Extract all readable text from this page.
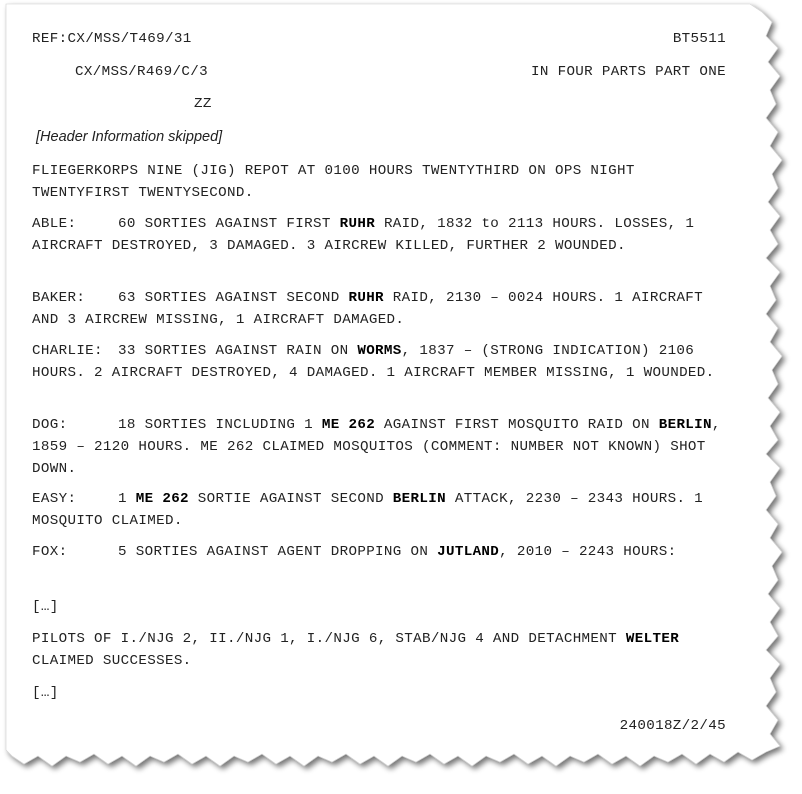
REF:CX/MSS/T469/31	BT5511
CX/MSS/R469/C/3	IN FOUR PARTS PART ONE
ZZ
[Header Information skipped]
FLIEGERKORPS NINE (JIG) REPOT AT 0100 HOURS TWENTYTHIRD ON OPS NIGHT TWENTYFIRST TWENTYSECOND.
ABLE:	60 SORTIES AGAINST FIRST RUHR RAID, 1832 to 2113 HOURS. LOSSES, 1 AIRCRAFT DESTROYED, 3 DAMAGED. 3 AIRCREW KILLED, FURTHER 2 WOUNDED.
BAKER: 63 SORTIES AGAINST SECOND RUHR RAID, 2130 – 0024 HOURS. 1 AIRCRAFT AND 3 AIRCREW MISSING, 1 AIRCRAFT DAMAGED.
CHARLIE: 33 SORTIES AGAINST RAIN ON WORMS, 1837 – (STRONG INDICATION) 2106 HOURS. 2 AIRCRAFT DESTROYED, 4 DAMAGED. 1 AIRCRAFT MEMBER MISSING, 1 WOUNDED.
DOG:	18 SORTIES INCLUDING 1 ME 262 AGAINST FIRST MOSQUITO RAID ON BERLIN, 1859 – 2120 HOURS. ME 262 CLAIMED MOSQUITOS (COMMENT: NUMBER NOT KNOWN) SHOT DOWN.
EASY:	1 ME 262 SORTIE AGAINST SECOND BERLIN ATTACK, 2230 – 2343 HOURS. 1 MOSQUITO CLAIMED.
FOX:	5 SORTIES AGAINST AGENT DROPPING ON JUTLAND, 2010 – 2243 HOURS:
[…]
PILOTS OF I./NJG 2, II./NJG 1, I./NJG 6, STAB/NJG 4 AND DETACHMENT WELTER CLAIMED SUCCESSES.
[…]
240018Z/2/45
